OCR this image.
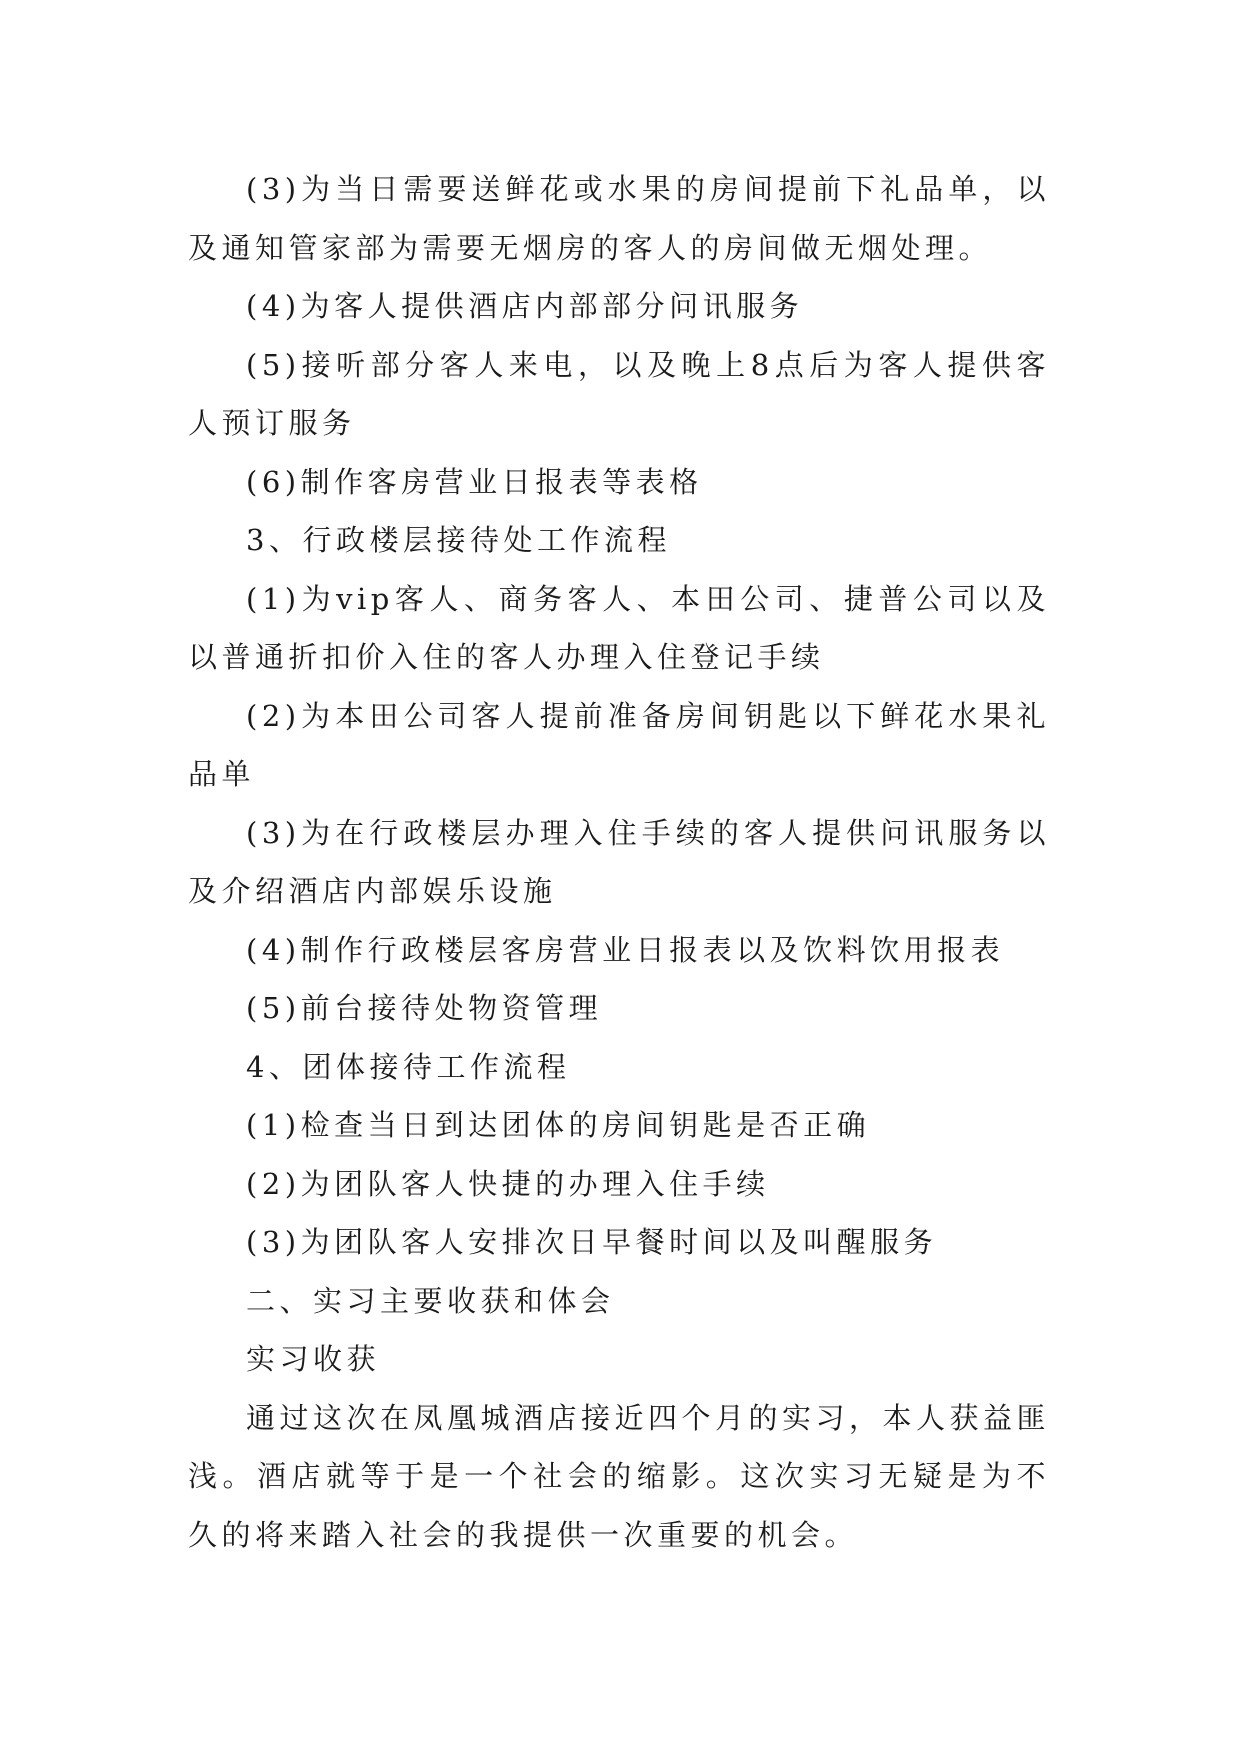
(3)为当日需要送鲜花或水果的房间提前下礼品单，以及通知管家部为需要无烟房的客人的房间做无烟处理。

(4)为客人提供酒店内部部分问讯服务

(5)接听部分客人来电，以及晚上8点后为客人提供客人预订服务

(6)制作客房营业日报表等表格

3、行政楼层接待处工作流程

(1)为vip客人、商务客人、本田公司、捷普公司以及以普通折扣价入住的客人办理入住登记手续

(2)为本田公司客人提前准备房间钥匙以下鲜花水果礼品单

(3)为在行政楼层办理入住手续的客人提供问讯服务以及介绍酒店内部娱乐设施

(4)制作行政楼层客房营业日报表以及饮料饮用报表

(5)前台接待处物资管理

4、团体接待工作流程

(1)检查当日到达团体的房间钥匙是否正确

(2)为团队客人快捷的办理入住手续

(3)为团队客人安排次日早餐时间以及叫醒服务

二、实习主要收获和体会

实习收获

通过这次在凤凰城酒店接近四个月的实习，本人获益匪浅。酒店就等于是一个社会的缩影。这次实习无疑是为不久的将来踏入社会的我提供一次重要的机会。
